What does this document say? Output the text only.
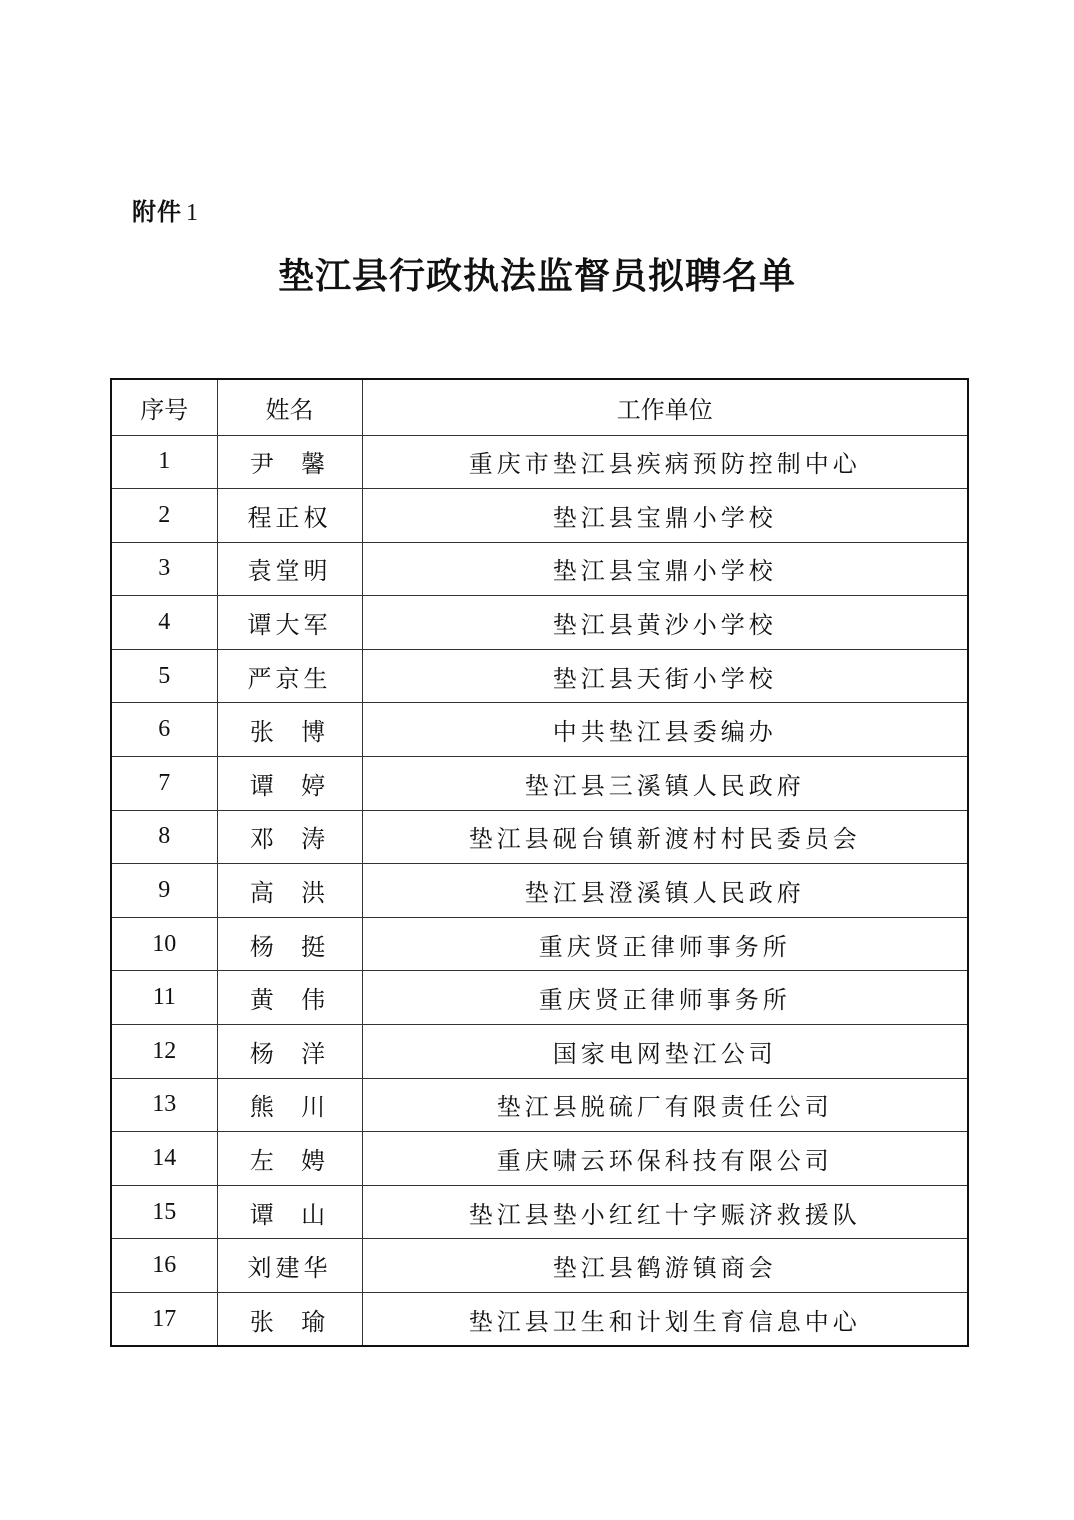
附件 1
垫江县行政执法监督员拟聘名单
序号	姓名	工作单位
1	尹  馨	重庆市垫江县疾病预防控制中心
2	程正权	垫江县宝鼎小学校
3	袁堂明	垫江县宝鼎小学校
4	谭大军	垫江县黄沙小学校
5	严京生	垫江县天街小学校
6	张  博	中共垫江县委编办
7	谭  婷	垫江县三溪镇人民政府
8	邓  涛	垫江县砚台镇新渡村村民委员会
9	高  洪	垫江县澄溪镇人民政府
10	杨  挺	重庆贤正律师事务所
11	黄  伟	重庆贤正律师事务所
12	杨  洋	国家电网垫江公司
13	熊  川	垫江县脱硫厂有限责任公司
14	左  娉	重庆啸云环保科技有限公司
15	谭  山	垫江县垫小红红十字赈济救援队
16	刘建华	垫江县鹤游镇商会
17	张  瑜	垫江县卫生和计划生育信息中心
